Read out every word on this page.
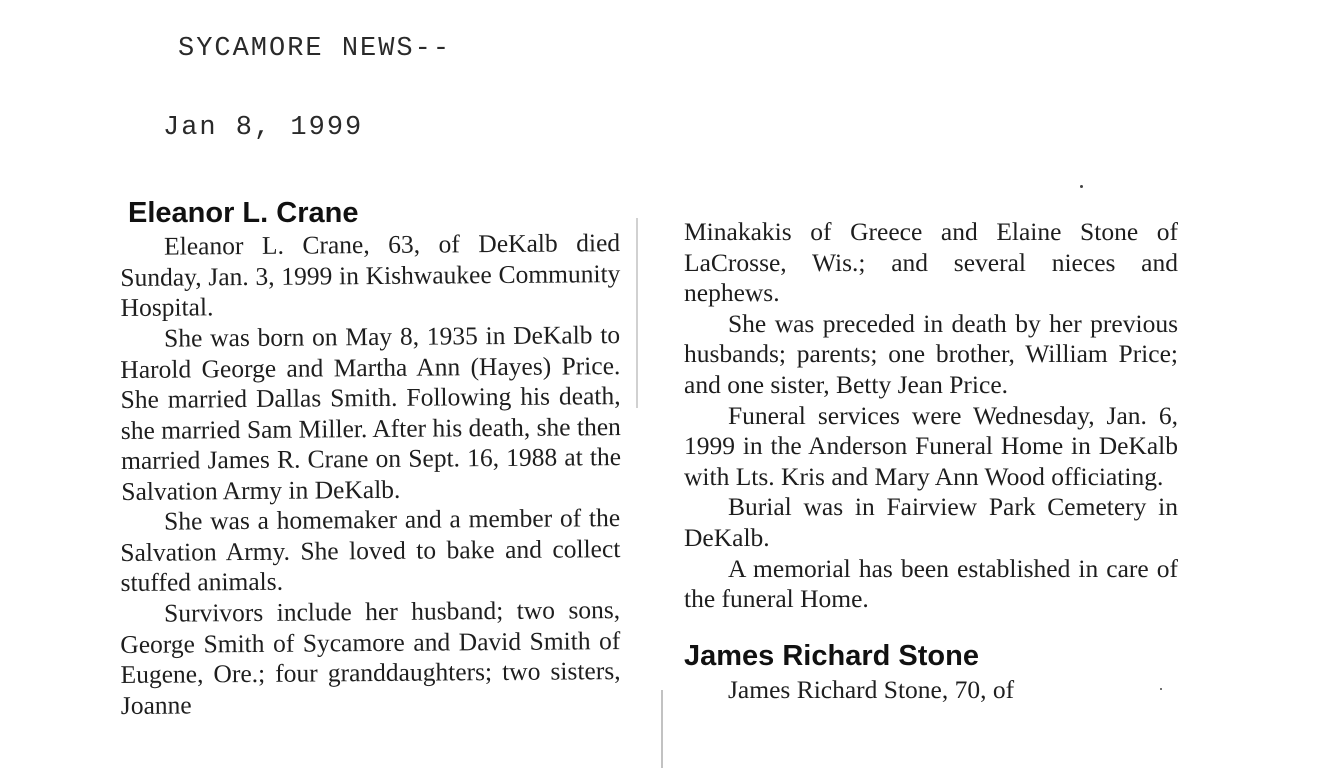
SYCAMORE NEWS--

Jan 8, 1999

Eleanor L. Crane

Eleanor L. Crane, 63, of DeKalb died Sunday, Jan. 3, 1999 in Kishwaukee Community Hospital.

She was born on May 8, 1935 in DeKalb to Harold George and Martha Ann (Hayes) Price. She married Dallas Smith. Following his death, she married Sam Miller. After his death, she then married James R. Crane on Sept. 16, 1988 at the Salvation Army in DeKalb.

She was a homemaker and a member of the Salvation Army. She loved to bake and collect stuffed animals.

Survivors include her husband; two sons, George Smith of Sycamore and David Smith of Eugene, Ore.; four granddaughters; two sisters, Joanne

Minakakis of Greece and Elaine Stone of LaCrosse, Wis.; and several nieces and nephews.

She was preceded in death by her previous husbands; parents; one brother, William Price; and one sister, Betty Jean Price.

Funeral services were Wednesday, Jan. 6, 1999 in the Anderson Funeral Home in DeKalb with Lts. Kris and Mary Ann Wood officiating.

Burial was in Fairview Park Cemetery in DeKalb.

A memorial has been established in care of the funeral Home.

James Richard Stone

James Richard Stone, 70, of
